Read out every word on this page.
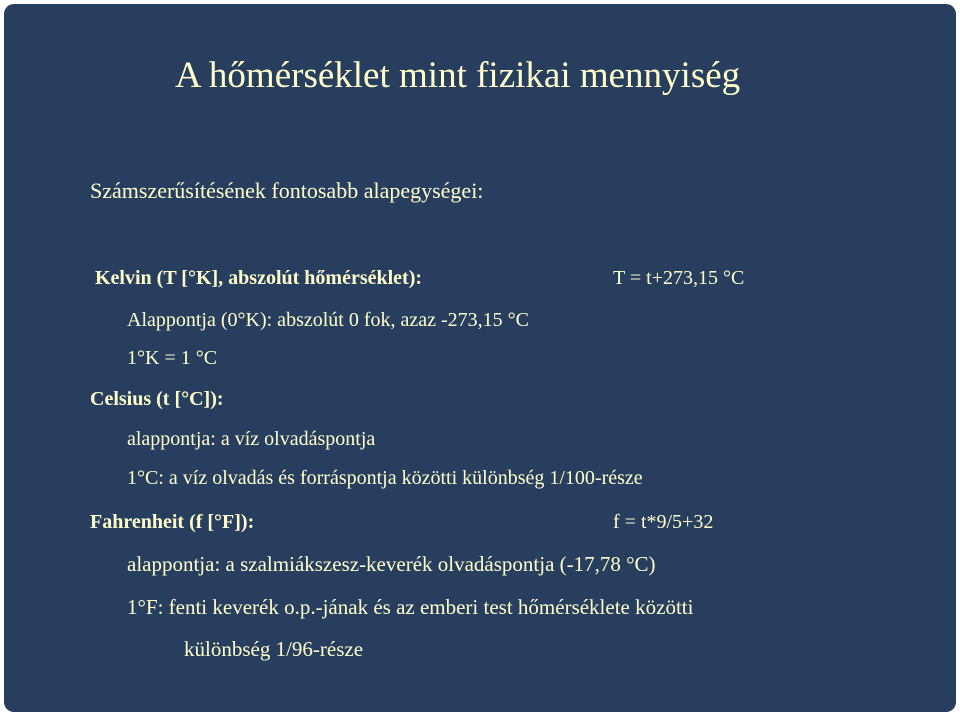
A hőmérséklet mint fizikai mennyiség
Számszerűsítésének fontosabb alapegységei:
Kelvin (T [°K], abszolút hőmérséklet):	T = t+273,15 °C
Alappontja (0°K): abszolút 0 fok, azaz -273,15 °C
1°K = 1 °C
Celsius (t [°C]):
alappontja: a víz olvadáspontja
1°C: a víz olvadás és forráspontja közötti különbség 1/100-része
Fahrenheit (f [°F]):	f = t*9/5+32
alappontja: a szalmiákszesz-keverék olvadáspontja (-17,78 °C)
1°F: fenti keverék o.p.-jának és az emberi test hőmérséklete közötti
különbség 1/96-része
